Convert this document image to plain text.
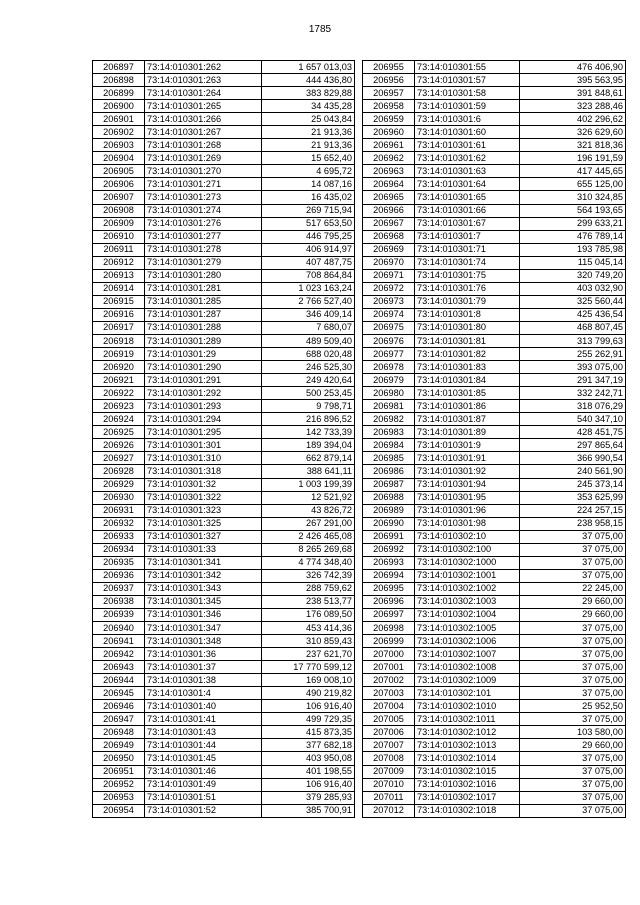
1785
206897	73:14:010301:262	1 657 013,03
206898	73:14:010301:263	444 436,80
206899	73:14:010301:264	383 829,88
206900	73:14:010301:265	34 435,28
206901	73:14:010301:266	25 043,84
206902	73:14:010301:267	21 913,36
206903	73:14:010301:268	21 913,36
206904	73:14:010301:269	15 652,40
206905	73:14:010301:270	4 695,72
206906	73:14:010301:271	14 087,16
206907	73:14:010301:273	16 435,02
206908	73:14:010301:274	269 715,94
206909	73:14:010301:276	517 653,50
206910	73:14:010301:277	446 795,25
206911	73:14:010301:278	406 914,97
206912	73:14:010301:279	407 487,75
206913	73:14:010301:280	708 864,84
206914	73:14:010301:281	1 023 163,24
206915	73:14:010301:285	2 766 527,40
206916	73:14:010301:287	346 409,14
206917	73:14:010301:288	7 680,07
206918	73:14:010301:289	489 509,40
206919	73:14:010301:29	688 020,48
206920	73:14:010301:290	246 525,30
206921	73:14:010301:291	249 420,64
206922	73:14:010301:292	500 253,45
206923	73:14:010301:293	9 798,71
206924	73:14:010301:294	216 896,52
206925	73:14:010301:295	142 733,39
206926	73:14:010301:301	189 394,04
206927	73:14:010301:310	662 879,14
206928	73:14:010301:318	388 641,11
206929	73:14:010301:32	1 003 199,39
206930	73:14:010301:322	12 521,92
206931	73:14:010301:323	43 826,72
206932	73:14:010301:325	267 291,00
206933	73:14:010301:327	2 426 465,08
206934	73:14:010301:33	8 265 269,68
206935	73:14:010301:341	4 774 348,40
206936	73:14:010301:342	326 742,39
206937	73:14:010301:343	288 759,62
206938	73:14:010301:345	238 513,77
206939	73:14:010301:346	176 089,50
206940	73:14:010301:347	453 414,36
206941	73:14:010301:348	310 859,43
206942	73:14:010301:36	237 621,70
206943	73:14:010301:37	17 770 599,12
206944	73:14:010301:38	169 008,10
206945	73:14:010301:4	490 219,82
206946	73:14:010301:40	106 916,40
206947	73:14:010301:41	499 729,35
206948	73:14:010301:43	415 873,35
206949	73:14:010301:44	377 682,18
206950	73:14:010301:45	403 950,08
206951	73:14:010301:46	401 198,55
206952	73:14:010301:49	106 916,40
206953	73:14:010301:51	379 285,93
206954	73:14:010301:52	385 700,91
206955	73:14:010301:55	476 406,90
206956	73:14:010301:57	395 563,95
206957	73:14:010301:58	391 848,61
206958	73:14:010301:59	323 288,46
206959	73:14:010301:6	402 296,62
206960	73:14:010301:60	326 629,60
206961	73:14:010301:61	321 818,36
206962	73:14:010301:62	196 191,59
206963	73:14:010301:63	417 445,65
206964	73:14:010301:64	655 125,00
206965	73:14:010301:65	310 324,85
206966	73:14:010301:66	564 193,65
206967	73:14:010301:67	299 633,21
206968	73:14:010301:7	476 789,14
206969	73:14:010301:71	193 785,98
206970	73:14:010301:74	115 045,14
206971	73:14:010301:75	320 749,20
206972	73:14:010301:76	403 032,90
206973	73:14:010301:79	325 560,44
206974	73:14:010301:8	425 436,54
206975	73:14:010301:80	468 807,45
206976	73:14:010301:81	313 799,63
206977	73:14:010301:82	255 262,91
206978	73:14:010301:83	393 075,00
206979	73:14:010301:84	291 347,19
206980	73:14:010301:85	332 242,71
206981	73:14:010301:86	318 076,29
206982	73:14:010301:87	540 347,10
206983	73:14:010301:89	428 451,75
206984	73:14:010301:9	297 865,64
206985	73:14:010301:91	366 990,54
206986	73:14:010301:92	240 561,90
206987	73:14:010301:94	245 373,14
206988	73:14:010301:95	353 625,99
206989	73:14:010301:96	224 257,15
206990	73:14:010301:98	238 958,15
206991	73:14:010302:10	37 075,00
206992	73:14:010302:100	37 075,00
206993	73:14:010302:1000	37 075,00
206994	73:14:010302:1001	37 075,00
206995	73:14:010302:1002	22 245,00
206996	73:14:010302:1003	29 660,00
206997	73:14:010302:1004	29 660,00
206998	73:14:010302:1005	37 075,00
206999	73:14:010302:1006	37 075,00
207000	73:14:010302:1007	37 075,00
207001	73:14:010302:1008	37 075,00
207002	73:14:010302:1009	37 075,00
207003	73:14:010302:101	37 075,00
207004	73:14:010302:1010	25 952,50
207005	73:14:010302:1011	37 075,00
207006	73:14:010302:1012	103 580,00
207007	73:14:010302:1013	29 660,00
207008	73:14:010302:1014	37 075,00
207009	73:14:010302:1015	37 075,00
207010	73:14:010302:1016	37 075,00
207011	73:14:010302:1017	37 075,00
207012	73:14:010302:1018	37 075,00
